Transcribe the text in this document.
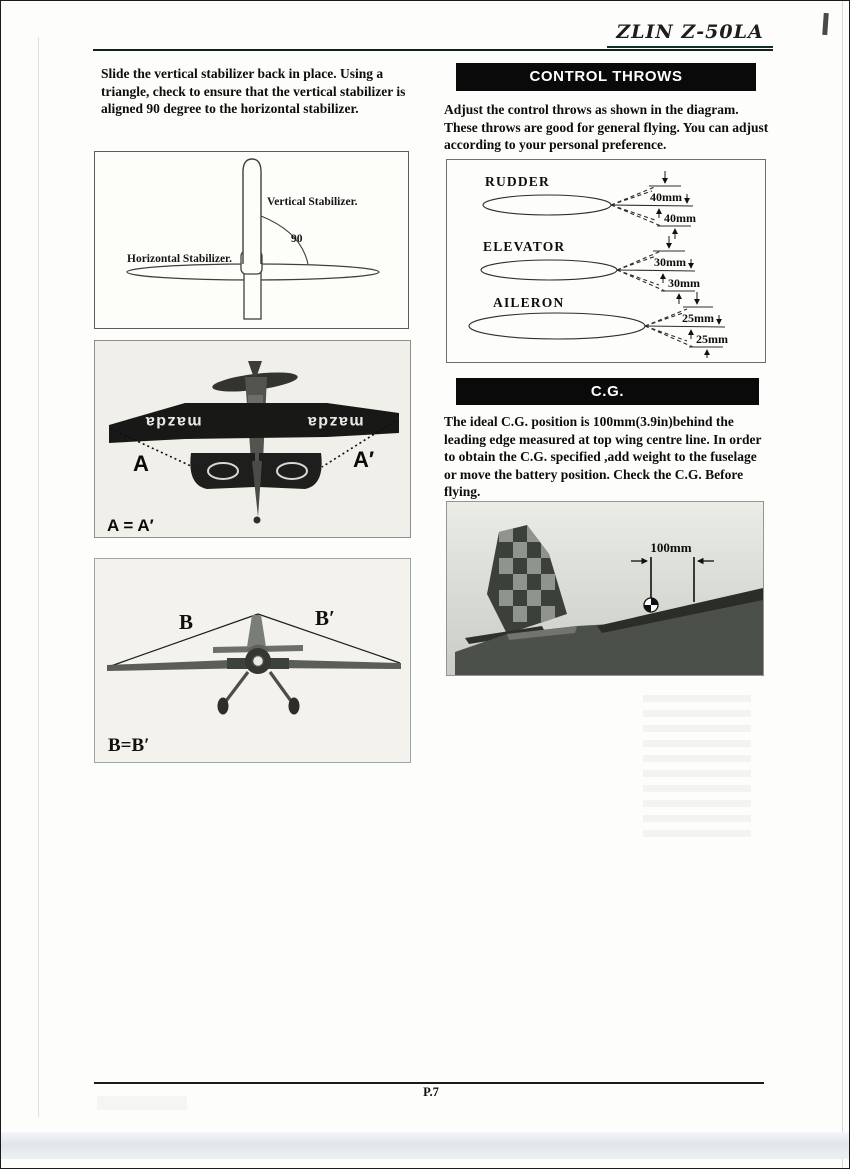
ZLIN Z-50LA
Slide the vertical stabilizer back in place. Using a triangle, check to ensure that the vertical stabilizer is aligned 90 degree to the horizontal stabilizer.
Vertical Stabilizer.
90
Horizontal Stabilizer.
mazda	mazda
A	A′
A = A′
B	B′
B=B′
CONTROL THROWS
Adjust the control throws as shown in the diagram. These throws are good for general flying. You can adjust according to your personal preference.
RUDDER
40mm
40mm
ELEVATOR
30mm
30mm
AILERON
25mm
25mm
C.G.
The ideal C.G. position is 100mm(3.9in)behind the leading edge measured at top wing centre line. In order to obtain the C.G. specified ,add weight to the fuselage or move the battery position. Check the C.G. Before flying.
100mm
P.7
